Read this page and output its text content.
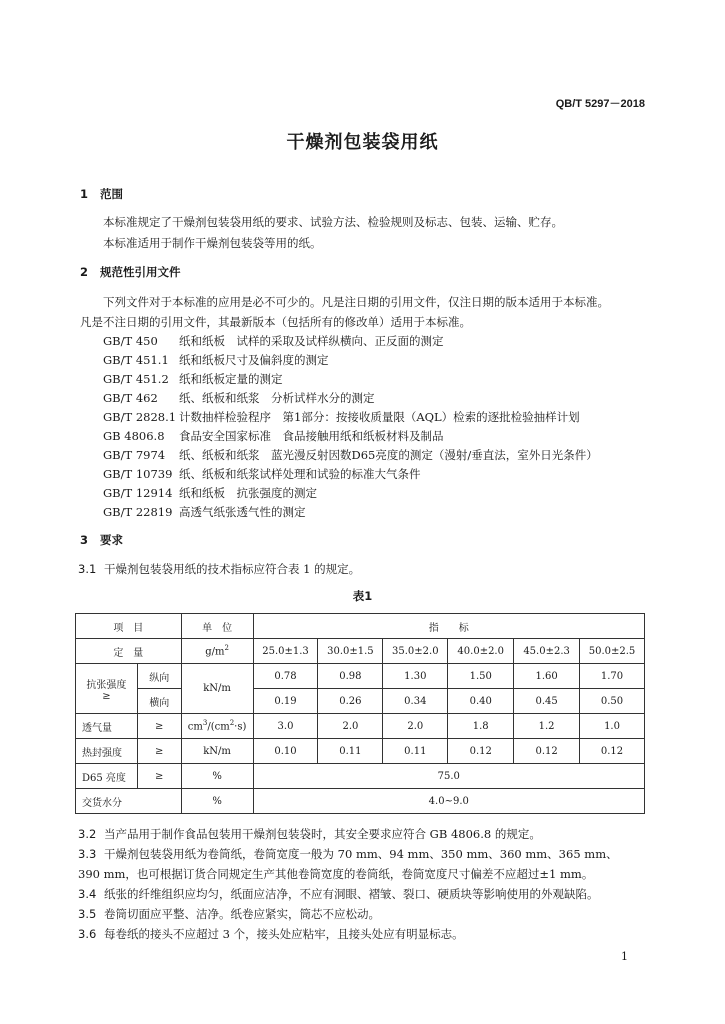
QB/T 5297－2018
干燥剂包装袋用纸
1 范围
本标准规定了干燥剂包装袋用纸的要求、试验方法、检验规则及标志、包装、运输、贮存。
本标准适用于制作干燥剂包装袋等用的纸。
2 规范性引用文件
下列文件对于本标准的应用是必不可少的。凡是注日期的引用文件，仅注日期的版本适用于本标准。
凡是不注日期的引用文件，其最新版本（包括所有的修改单）适用于本标准。
GB/T 450 纸和纸板　试样的采取及试样纵横向、正反面的测定
GB/T 451.1 纸和纸板尺寸及偏斜度的测定
GB/T 451.2 纸和纸板定量的测定
GB/T 462 纸、纸板和纸浆　分析试样水分的测定
GB/T 2828.1 计数抽样检验程序　第1部分：按接收质量限（AQL）检索的逐批检验抽样计划
GB 4806.8 食品安全国家标准　食品接触用纸和纸板材料及制品
GB/T 7974 纸、纸板和纸浆　蓝光漫反射因数D65亮度的测定（漫射/垂直法，室外日光条件）
GB/T 10739 纸、纸板和纸浆试样处理和试验的标准大气条件
GB/T 12914 纸和纸板　抗张强度的测定
GB/T 22819 高透气纸张透气性的测定
3 要求
3.1 干燥剂包装袋用纸的技术指标应符合表 1 的规定。
表1
项　目		单　位	指　　标					
定　量		$g/m^2$	25.0±1.3	30.0±1.5	35.0±2.0	40.0±2.0	45.0±2.3	50.0±2.5

抗张强度
≥	纵向	kN/m	0.78	0.98	1.30	1.50	1.60	1.70
	横向		0.19	0.26	0.34	0.40	0.45	0.50
透气量	≥	$cm^3/(cm^2\cdot s)$	3.0	2.0	2.0	1.8	1.2	1.0
热封强度	≥	kN/m	0.10	0.11	0.11	0.12	0.12	0.12
D65 亮度	≥	%	75.0					
交货水分		%	4.0~9.0					
3.2 当产品用于制作食品包装用干燥剂包装袋时，其安全要求应符合 GB 4806.8 的规定。
3.3 干燥剂包装袋用纸为卷筒纸，卷筒宽度一般为 70 mm、94 mm、350 mm、360 mm、365 mm、
390 mm，也可根据订货合同规定生产其他卷筒宽度的卷筒纸，卷筒宽度尺寸偏差不应超过±1 mm。
3.4 纸张的纤维组织应均匀，纸面应洁净，不应有洞眼、褶皱、裂口、硬质块等影响使用的外观缺陷。
3.5 卷筒切面应平整、洁净。纸卷应紧实，筒芯不应松动。
3.6 每卷纸的接头不应超过 3 个，接头处应粘牢，且接头处应有明显标志。
1
